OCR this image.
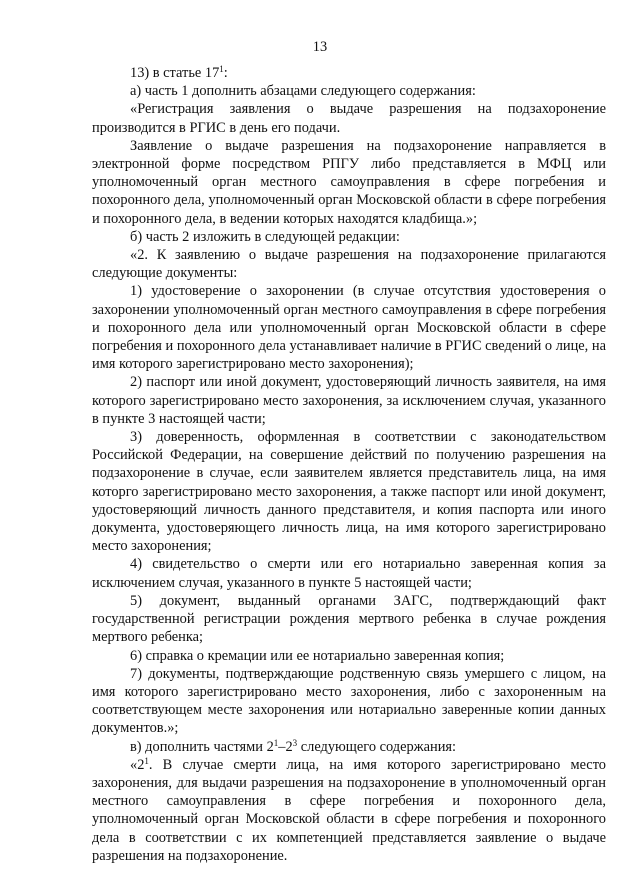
13

13) в статье $17^1$:

а) часть 1 дополнить абзацами следующего содержания:

«Регистрация заявления о выдаче разрешения на подзахоронение производится в РГИС в день его подачи.

Заявление о выдаче разрешения на подзахоронение направляется в электронной форме посредством РПГУ либо представляется в МФЦ или уполномоченный орган местного самоуправления в сфере погребения и похоронного дела, уполномоченный орган Московской области в сфере погребения и похоронного дела, в ведении которых находятся кладбища.»;

б) часть 2 изложить в следующей редакции:

«2. К заявлению о выдаче разрешения на подзахоронение прилагаются следующие документы:

1) удостоверение о захоронении (в случае отсутствия удостоверения о захоронении уполномоченный орган местного самоуправления в сфере погребения и похоронного дела или уполномоченный орган Московской области в сфере погребения и похоронного дела устанавливает наличие в РГИС сведений о лице, на имя которого зарегистрировано место захоронения);

2) паспорт или иной документ, удостоверяющий личность заявителя, на имя которого зарегистрировано место захоронения, за исключением случая, указанного в пункте 3 настоящей части;

3) доверенность, оформленная в соответствии с законодательством Российской Федерации, на совершение действий по получению разрешения на подзахоронение в случае, если заявителем является представитель лица, на имя которго зарегистрировано место захоронения, а также паспорт или иной документ, удостоверяющий личность данного представителя, и копия паспорта или иного документа, удостоверяющего личность лица, на имя которого зарегистрировано место захоронения;

4) свидетельство о смерти или его нотариально заверенная копия за исключением случая, указанного в пункте 5 настоящей части;

5) документ, выданный органами ЗАГС, подтверждающий факт государственной регистрации рождения мертвого ребенка в случае рождения мертвого ребенка;

6) справка о кремации или ее нотариально заверенная копия;

7) документы, подтверждающие родственную связь умершего с лицом, на имя которого зарегистрировано место захоронения, либо с захороненным на соответствующем месте захоронения или нотариально заверенные копии данных документов.»;

в) дополнить частями $2^1-2^3$ следующего содержания:

«$2^1$. В случае смерти лица, на имя которого зарегистрировано место захоронения, для выдачи разрешения на подзахоронение в уполномоченный орган местного самоуправления в сфере погребения и похоронного дела, уполномоченный орган Московской области в сфере погребения и похоронного дела в соответствии с их компетенцией представляется заявление о выдаче разрешения на подзахоронение.
